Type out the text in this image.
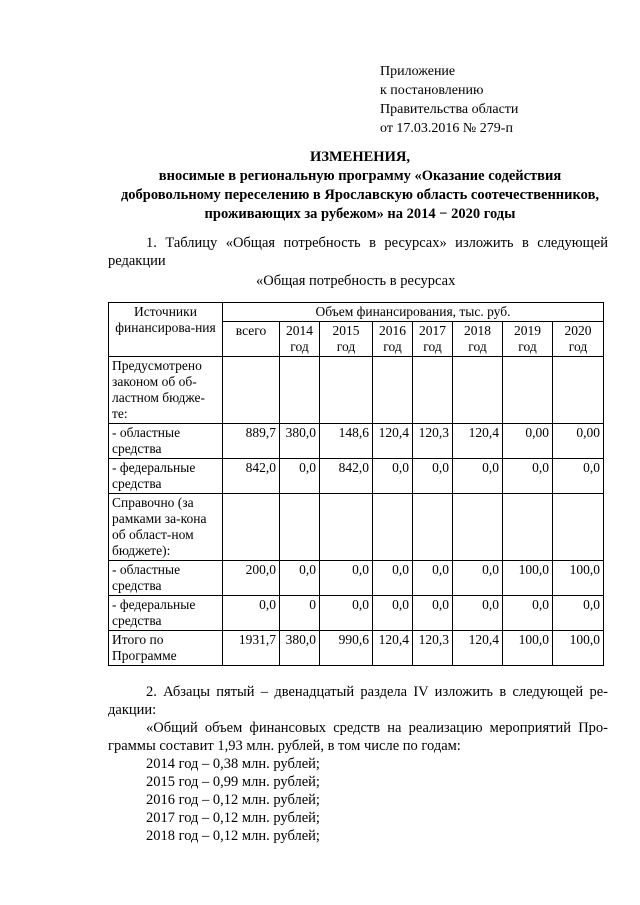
Приложение
к постановлению
Правительства области
от 17.03.2016 № 279-п
ИЗМЕНЕНИЯ,
вносимые в региональную программу «Оказание содействия
добровольному переселению в Ярославскую область соотечественников,
проживающих за рубежом» на 2014 − 2020 годы
1. Таблицу «Общая потребность в ресурсах» изложить в следующей редакции
«Общая потребность в ресурсах
Источники финансирова-ния	Объем финансирования, тыс. руб.							
	всего	2014 год	2015 год	2016 год	2017 год	2018 год	2019 год	2020 год
Предусмотрено законом об об-ластном бюдже-те:								
- областные средства	889,7	380,0	148,6	120,4	120,3	120,4	0,00	0,00
- федеральные средства	842,0	0,0	842,0	0,0	0,0	0,0	0,0	0,0
Справочно (за рамками за-кона об област-ном бюджете):								
- областные средства	200,0	0,0	0,0	0,0	0,0	0,0	100,0	100,0
- федеральные средства	0,0	0	0,0	0,0	0,0	0,0	0,0	0,0
Итого по Программе	1931,7	380,0	990,6	120,4	120,3	120,4	100,0	100,0
2. Абзацы пятый – двенадцатый раздела IV изложить в следующей ре-дакции:
«Общий объем финансовых средств на реализацию мероприятий Про-граммы составит 1,93 млн. рублей, в том числе по годам:
2014 год – 0,38 млн. рублей;
2015 год – 0,99 млн. рублей;
2016 год – 0,12 млн. рублей;
2017 год – 0,12 млн. рублей;
2018 год – 0,12 млн. рублей;
